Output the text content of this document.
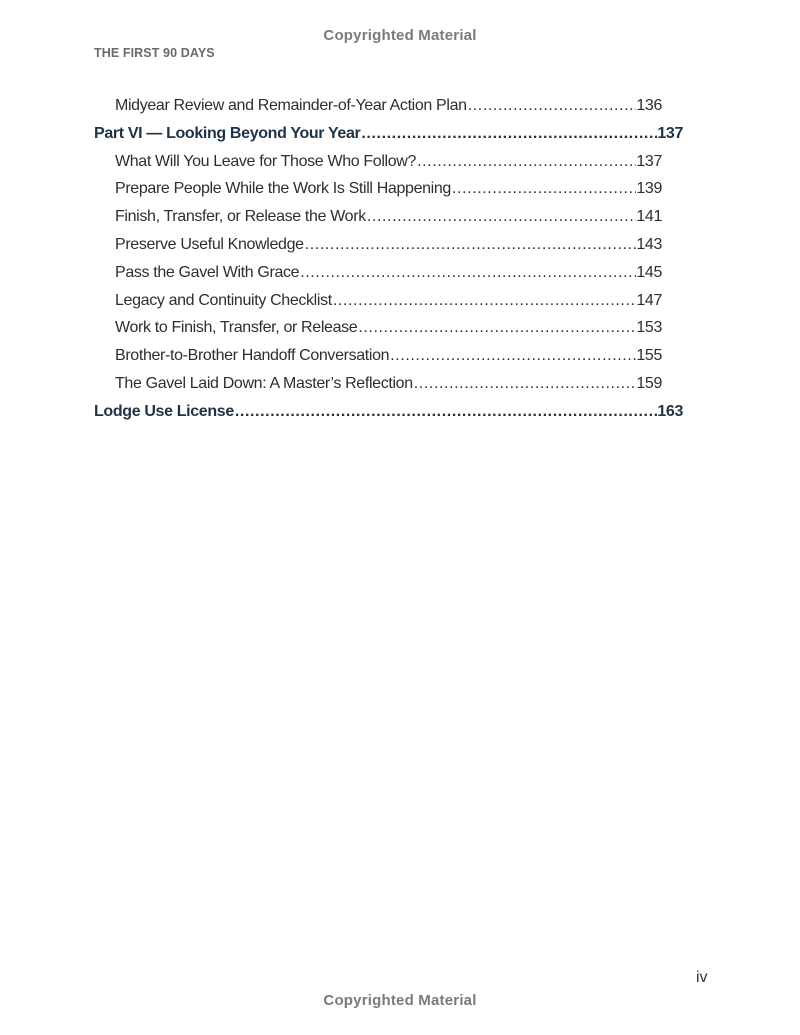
Copyrighted Material
THE FIRST 90 DAYS
Midyear Review and Remainder-of-Year Action Plan .....	136
Part VI — Looking Beyond Your Year .....	137
What Will You Leave for Those Who Follow? .....	137
Prepare People While the Work Is Still Happening .....	139
Finish, Transfer, or Release the Work .....	141
Preserve Useful Knowledge .....	143
Pass the Gavel With Grace .....	145
Legacy and Continuity Checklist .....	147
Work to Finish, Transfer, or Release .....	153
Brother-to-Brother Handoff Conversation .....	155
The Gavel Laid Down: A Master’s Reflection .....	159
Lodge Use License .....	163
iv
Copyrighted Material
